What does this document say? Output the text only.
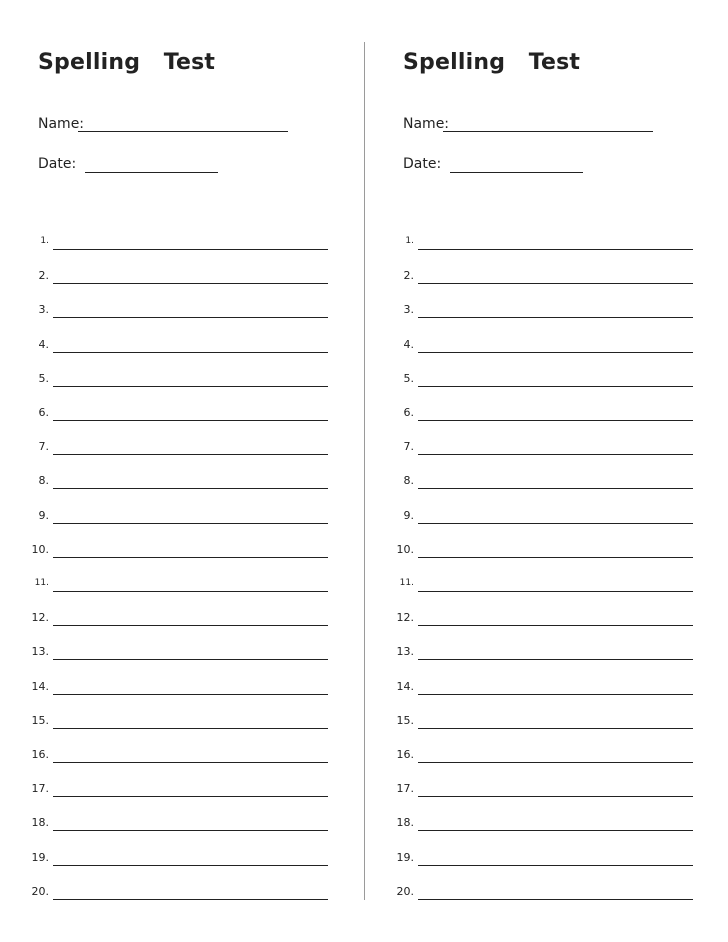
Spelling   Test
Name:
Date:
1.
2.
3.
4.
5.
6.
7.
8.
9.
10.
11.
12.
13.
14.
15.
16.
17.
18.
19.
20.
Spelling   Test
Name:
Date:
1.
2.
3.
4.
5.
6.
7.
8.
9.
10.
11.
12.
13.
14.
15.
16.
17.
18.
19.
20.
